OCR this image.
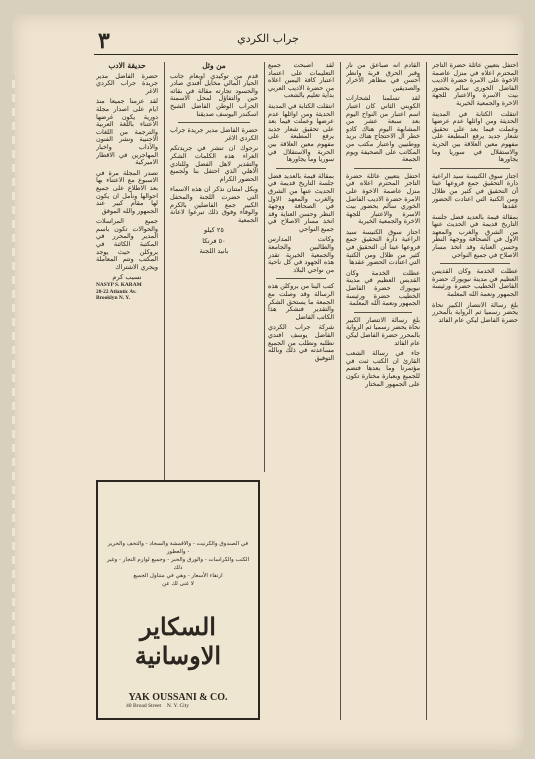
٣	جراب الكردي
حديقة الادب

حضرة الفاضل مدير جريدة جراب الكردي الاغر

لقد عزمنا جميعا منذ ايام على اصدار مجلة دورية يكون غرضها الاعتناء باللغة العربية والترجمة من اللغات الاجنبية ونشر الفنون والآداب واخبار المهاجرين في الاقطار الاميركية

تصدر المجلة مرة في الاسبوع مع الاعتناء بها بعد الاطلاع على جميع احوالها ونأمل ان يكون لها مقام كبير عند الجمهور والله الموفق

جميع المراسلات والحوالات تكون باسم المدير والمحرر في المكتبة الكائنة في بروكلن حيث يوجد المكتب وتتم المعاملة ويجري الاشتراك

نسيب كرم
NASYP S. KARAM
20-22 Atlantic Av.
Brooklyn N. Y.
من وئل

قدم من توكيدي اوبعام جانب الحيار المالي مخايل افندي صادر والحسود تجارته مقالة في بقائه حين والتفاؤل لمحل الاسمنة الجراب الوطن الفاضل الشيخ اسكندر اليوسف صديقنا

حضرة الفاضل مدير جريدة جراب الكردي الاغر

نرجوك ان تنشر في جريدتكم الغراء هذه الكلمات الشكر والتقدير لاهل الفضل وللنادي الاهلي الذي احتفل بنا ولجميع الحضور الكرام

وبكل امتنان نذكر ان هذه الاسماء التي حضرت اللجنة والمحفل الكبير جمع الفاضلين بالكرم والوفاء وفوق ذلك تبرعوا لاعانة الجمعية

٢٥ كيلو
٥٠ فرنكا
بانيد اللجنة

لقد اصبحت جميع التعليمات على اعتماد اعتبار كافة اليمين اعلاه من حضرة الاديب العربي بداية تعليم بالشعب

انتقلت الكتابة في المدينة الحديثة ومن اوائلها عدم عرضها وعملت فيما بعد على تحقيق شعار جديد يرفع المطبعة على مفهوم معين العلاقة بين الحرية والاستقلال في سوريا وما يجاورها

بمقالة قيمة بالعديد فضل جلسة التاريخ قديمة في الحديث عنها من الشرق والغرب والمعهد الاول في الصحافة ووجهة النظر وحسن العناية وقد اتخذ مسار الاصلاح في جميع النواحي

وكانت المدارس والطالبين والجامعة والجمعية الخيرية تقدر هذه الجهود في كل ناحية من نواحي البلاد

كتب الينا من بروكلن هذه الرسالة وقد وصلت مع الجمعة ما يستحق الشكر والتقدير فنشكر هذا الكاتب الفاضل

شركة جراب الكردي الفاضل يوسف افندي نطلبه ونطلب من الجميع مساعدته في ذلك وبالله التوفيق

القادم انه صباعق من نار وقبر الحرق قربة وانظر أحسن في مظاهر الاخرار والصديقين

لقد تسلمنا لشحارات الكويني الثاني كان اعتبار اسم اعتبار من النواح اليوم بعد سبعة عشر من المشابهة اليوم هناك كادو خطر ال الاحتجاج هناك بريد ووطنيين واعتبار مكتب من المكاتب على الصحيفة ويوم الجمعة

احتفل بتعيين عائلة حضرة التاجر المحترم اعلاه في منزل عاصمة الاخوة على الامرة حضرة الاديب الفاضل الخوري سالم بحضور بيت الاسرة والاعتبار للجهة الاخرة والجمعية الخيرية

اجتاز سوق الكنيسة سيد الراعية دارة التحقيق جمع فروعها عينا أن التحقيق في كثير من ظلال ومن الكتبة التي اعتادت الحضور عقدها

عطلت الخدمة وكان القديس العظيم في مدينة نيويورك حضرة الفاضل الخطيب حضرة ورئيسة الجمهور ونعمة الله المعلمة

بلغ رسالة الانتصار الكبير نحاة يحضر رسميا ثم الرواية بالمحرر حضرة الفاضل ليكن عام الفائد

جاء في رسالة الشعب القارئ ان الكتب ثنت في مؤتمرنا وما بعدها فتضم للجميع وبعبارة مختارة تكون على الجمهور المختار

احتفل بتعيين عائلة حضرة التاجر المحترم اعلاه في منزل عاصمة الاخوة على الامرة حضرة الاديب الفاضل الخوري سالم بحضور بيت الاسرة والاعتبار للجهة الاخرة والجمعية الخيرية

انتقلت الكتابة في المدينة الحديثة ومن اوائلها عدم عرضها وعملت فيما بعد على تحقيق شعار جديد يرفع المطبعة على مفهوم معين العلاقة بين الحرية والاستقلال في سوريا وما يجاورها

اجتاز سوق الكنيسة سيد الراعية دارة التحقيق جمع فروعها عينا أن التحقيق في كثير من ظلال ومن الكتبة التي اعتادت الحضور عقدها

بمقالة قيمة بالعديد فضل جلسة التاريخ قديمة في الحديث عنها من الشرق والغرب والمعهد الاول في الصحافة ووجهة النظر وحسن العناية وقد اتخذ مسار الاصلاح في جميع النواحي

عطلت الخدمة وكان القديس العظيم في مدينة نيويورك حضرة الفاضل الخطيب حضرة ورئيسة الجمهور ونعمة الله المعلمة

بلغ رسالة الانتصار الكبير نحاة يحضر رسميا ثم الرواية بالمحرر حضرة الفاضل ليكن عام الفائد

في الصندوق والكرنيت - والاقمشة والسجاد - والتحف والحرير - والعطور
الكتب والكراسات - والورق والحبر - وجميع لوازم التجار - وغير ذلك
ارتقاء الأسعار - وهي في متناول الجميع
لا غنى لك عن
السكاير الاوسانية
YAK OUSSANI & CO.
40 Broad Street N. Y. City
